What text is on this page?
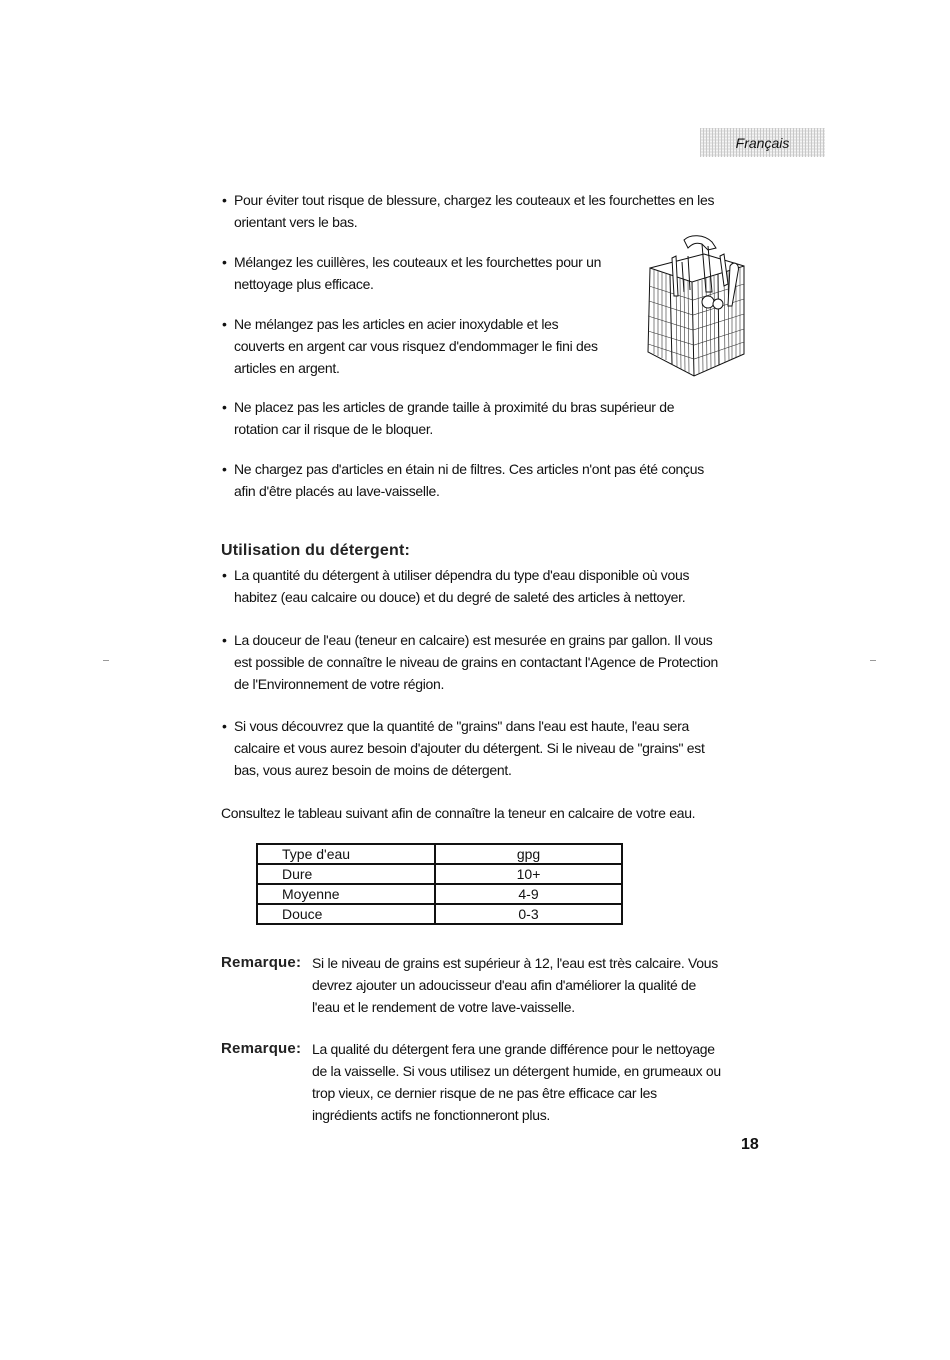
Français
• Pour éviter tout risque de blessure, chargez les couteaux et les fourchettes en les
orientant vers le bas.
• Mélangez les cuillères, les couteaux et les fourchettes pour un
nettoyage plus efficace.
• Ne mélangez pas les articles en acier inoxydable et les
couverts en argent car vous risquez d'endommager le fini des
articles en argent.
• Ne placez pas les articles de grande taille à proximité du bras supérieur de
rotation car il risque de le bloquer.
• Ne chargez pas d'articles en étain ni de filtres. Ces articles n'ont pas été conçus
afin d'être placés au lave-vaisselle.
Utilisation du détergent:
• La quantité du détergent à utiliser dépendra du type d'eau disponible où vous
habitez (eau calcaire ou douce) et du degré de saleté des articles à nettoyer.
• La douceur de l'eau (teneur en calcaire) est mesurée en grains par gallon. Il vous
est possible de connaître le niveau de grains en contactant l'Agence de Protection
de l'Environnement de votre région.
• Si vous découvrez que la quantité de "grains" dans l'eau est haute, l'eau sera
calcaire et vous aurez besoin d'ajouter du détergent. Si le niveau de "grains" est
bas, vous aurez besoin de moins de détergent.
Consultez le tableau suivant afin de connaître la teneur en calcaire de votre eau.
Type d'eau	gpg
Dure	10+
Moyenne	4-9
Douce	0-3
Remarque: Si le niveau de grains est supérieur à 12, l'eau est très calcaire. Vous
devrez ajouter un adoucisseur d'eau afin d'améliorer la qualité de
l'eau et le rendement de votre lave-vaisselle.
Remarque: La qualité du détergent fera une grande différence pour le nettoyage
de la vaisselle. Si vous utilisez un détergent humide, en grumeaux ou
trop vieux, ce dernier risque de ne pas être efficace car les
ingrédients actifs ne fonctionneront plus.
18
